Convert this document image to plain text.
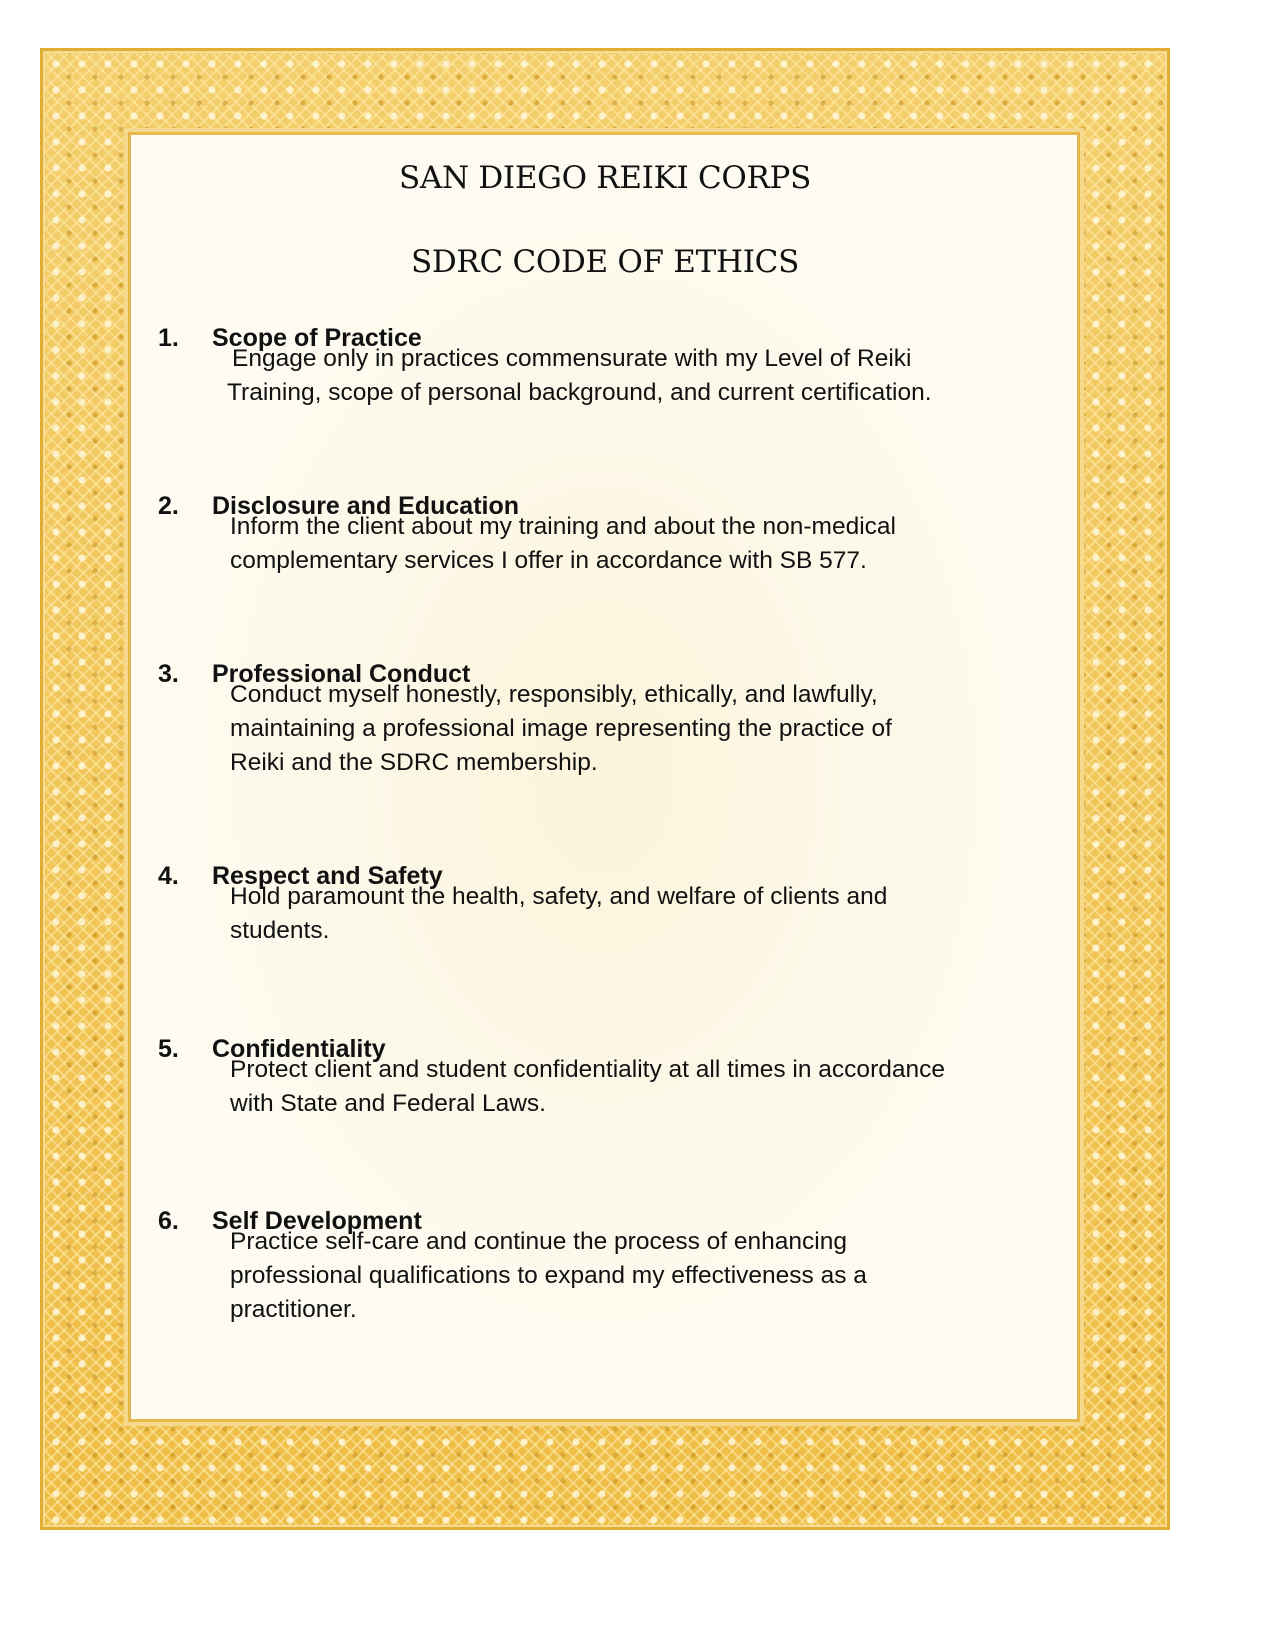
SAN DIEGO REIKI CORPS
SDRC CODE OF ETHICS
1. Scope of Practice
Engage only in practices commensurate with my Level of Reiki
Training, scope of personal background, and current certification.
2. Disclosure and Education
Inform the client about my training and about the non-medical
complementary services I offer in accordance with SB 577.
3. Professional Conduct
Conduct myself honestly, responsibly, ethically, and lawfully,
maintaining a professional image representing the practice of
Reiki and the SDRC membership.
4. Respect and Safety
Hold paramount the health, safety, and welfare of clients and
students.
5. Confidentiality
Protect client and student confidentiality at all times in accordance
with State and Federal Laws.
6. Self Development
Practice self-care and continue the process of enhancing
professional qualifications to expand my effectiveness as a
practitioner.
